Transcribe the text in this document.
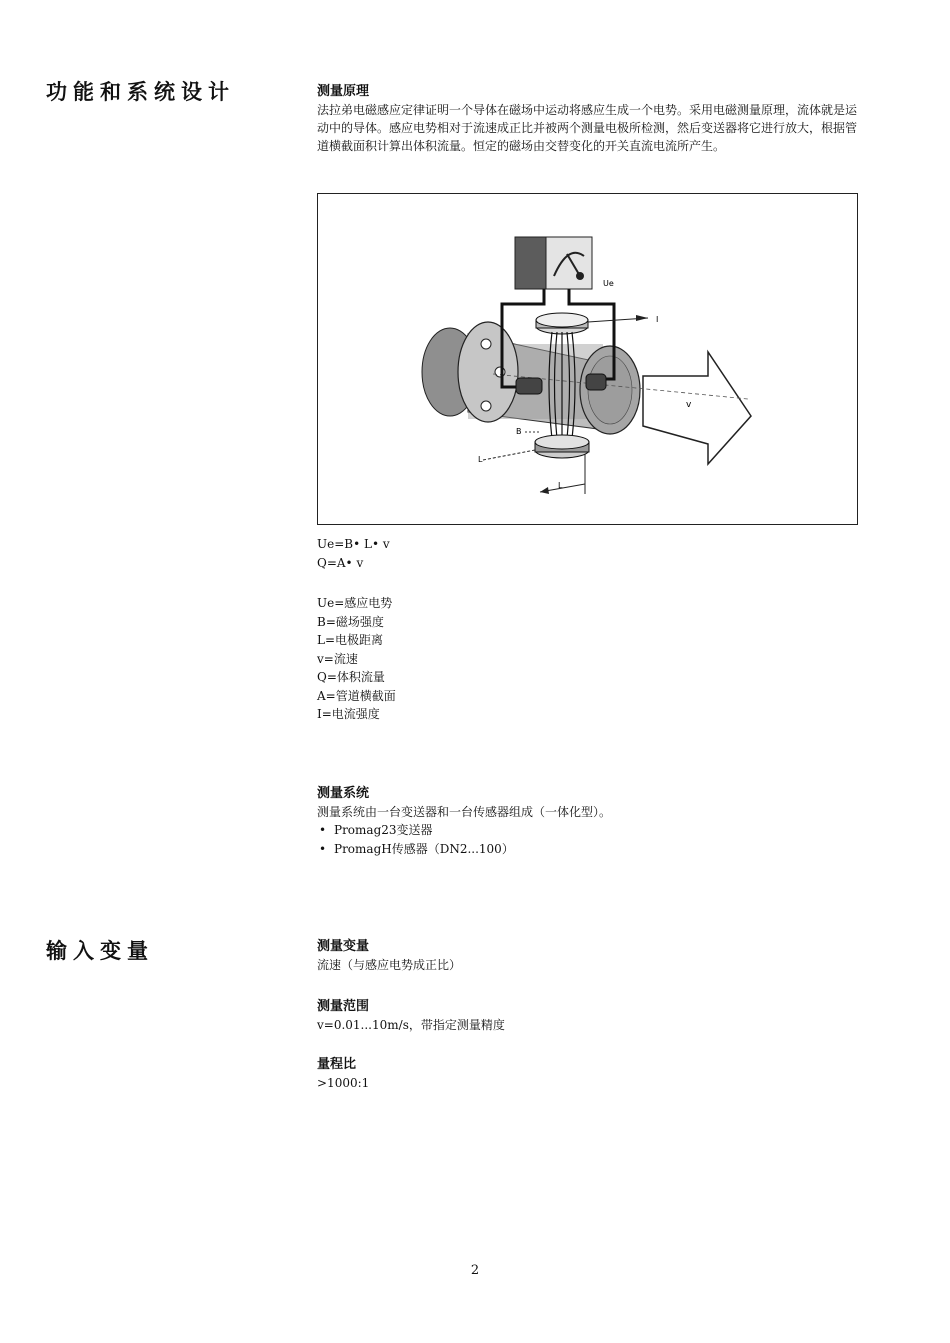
功能和系统设计	测量原理

法拉弟电磁感应定律证明一个导体在磁场中运动将感应生成一个电势。采用电磁测量原理，流体就是运动中的导体。感应电势相对于流速成正比并被两个测量电极所检测，然后变送器将它进行放大，根据管道横截面积计算出体积流量。恒定的磁场由交替变化的开关直流电流所产生。

Ue
I
B
L
L
v
Ue=B• L• v
Q=A• v
Ue=感应电势
B=磁场强度
L=电极距离
v=流速
Q=体积流量
A=管道横截面
I=电流强度
测量系统

测量系统由一台变送器和一台传感器组成（一体化型）。

• Promag23变送器
• PromagH传感器（DN2...100）
输入变量	测量变量

流速（与感应电势成正比）

测量范围

v=0.01...10m/s，带指定测量精度

量程比

>1000:1

2
